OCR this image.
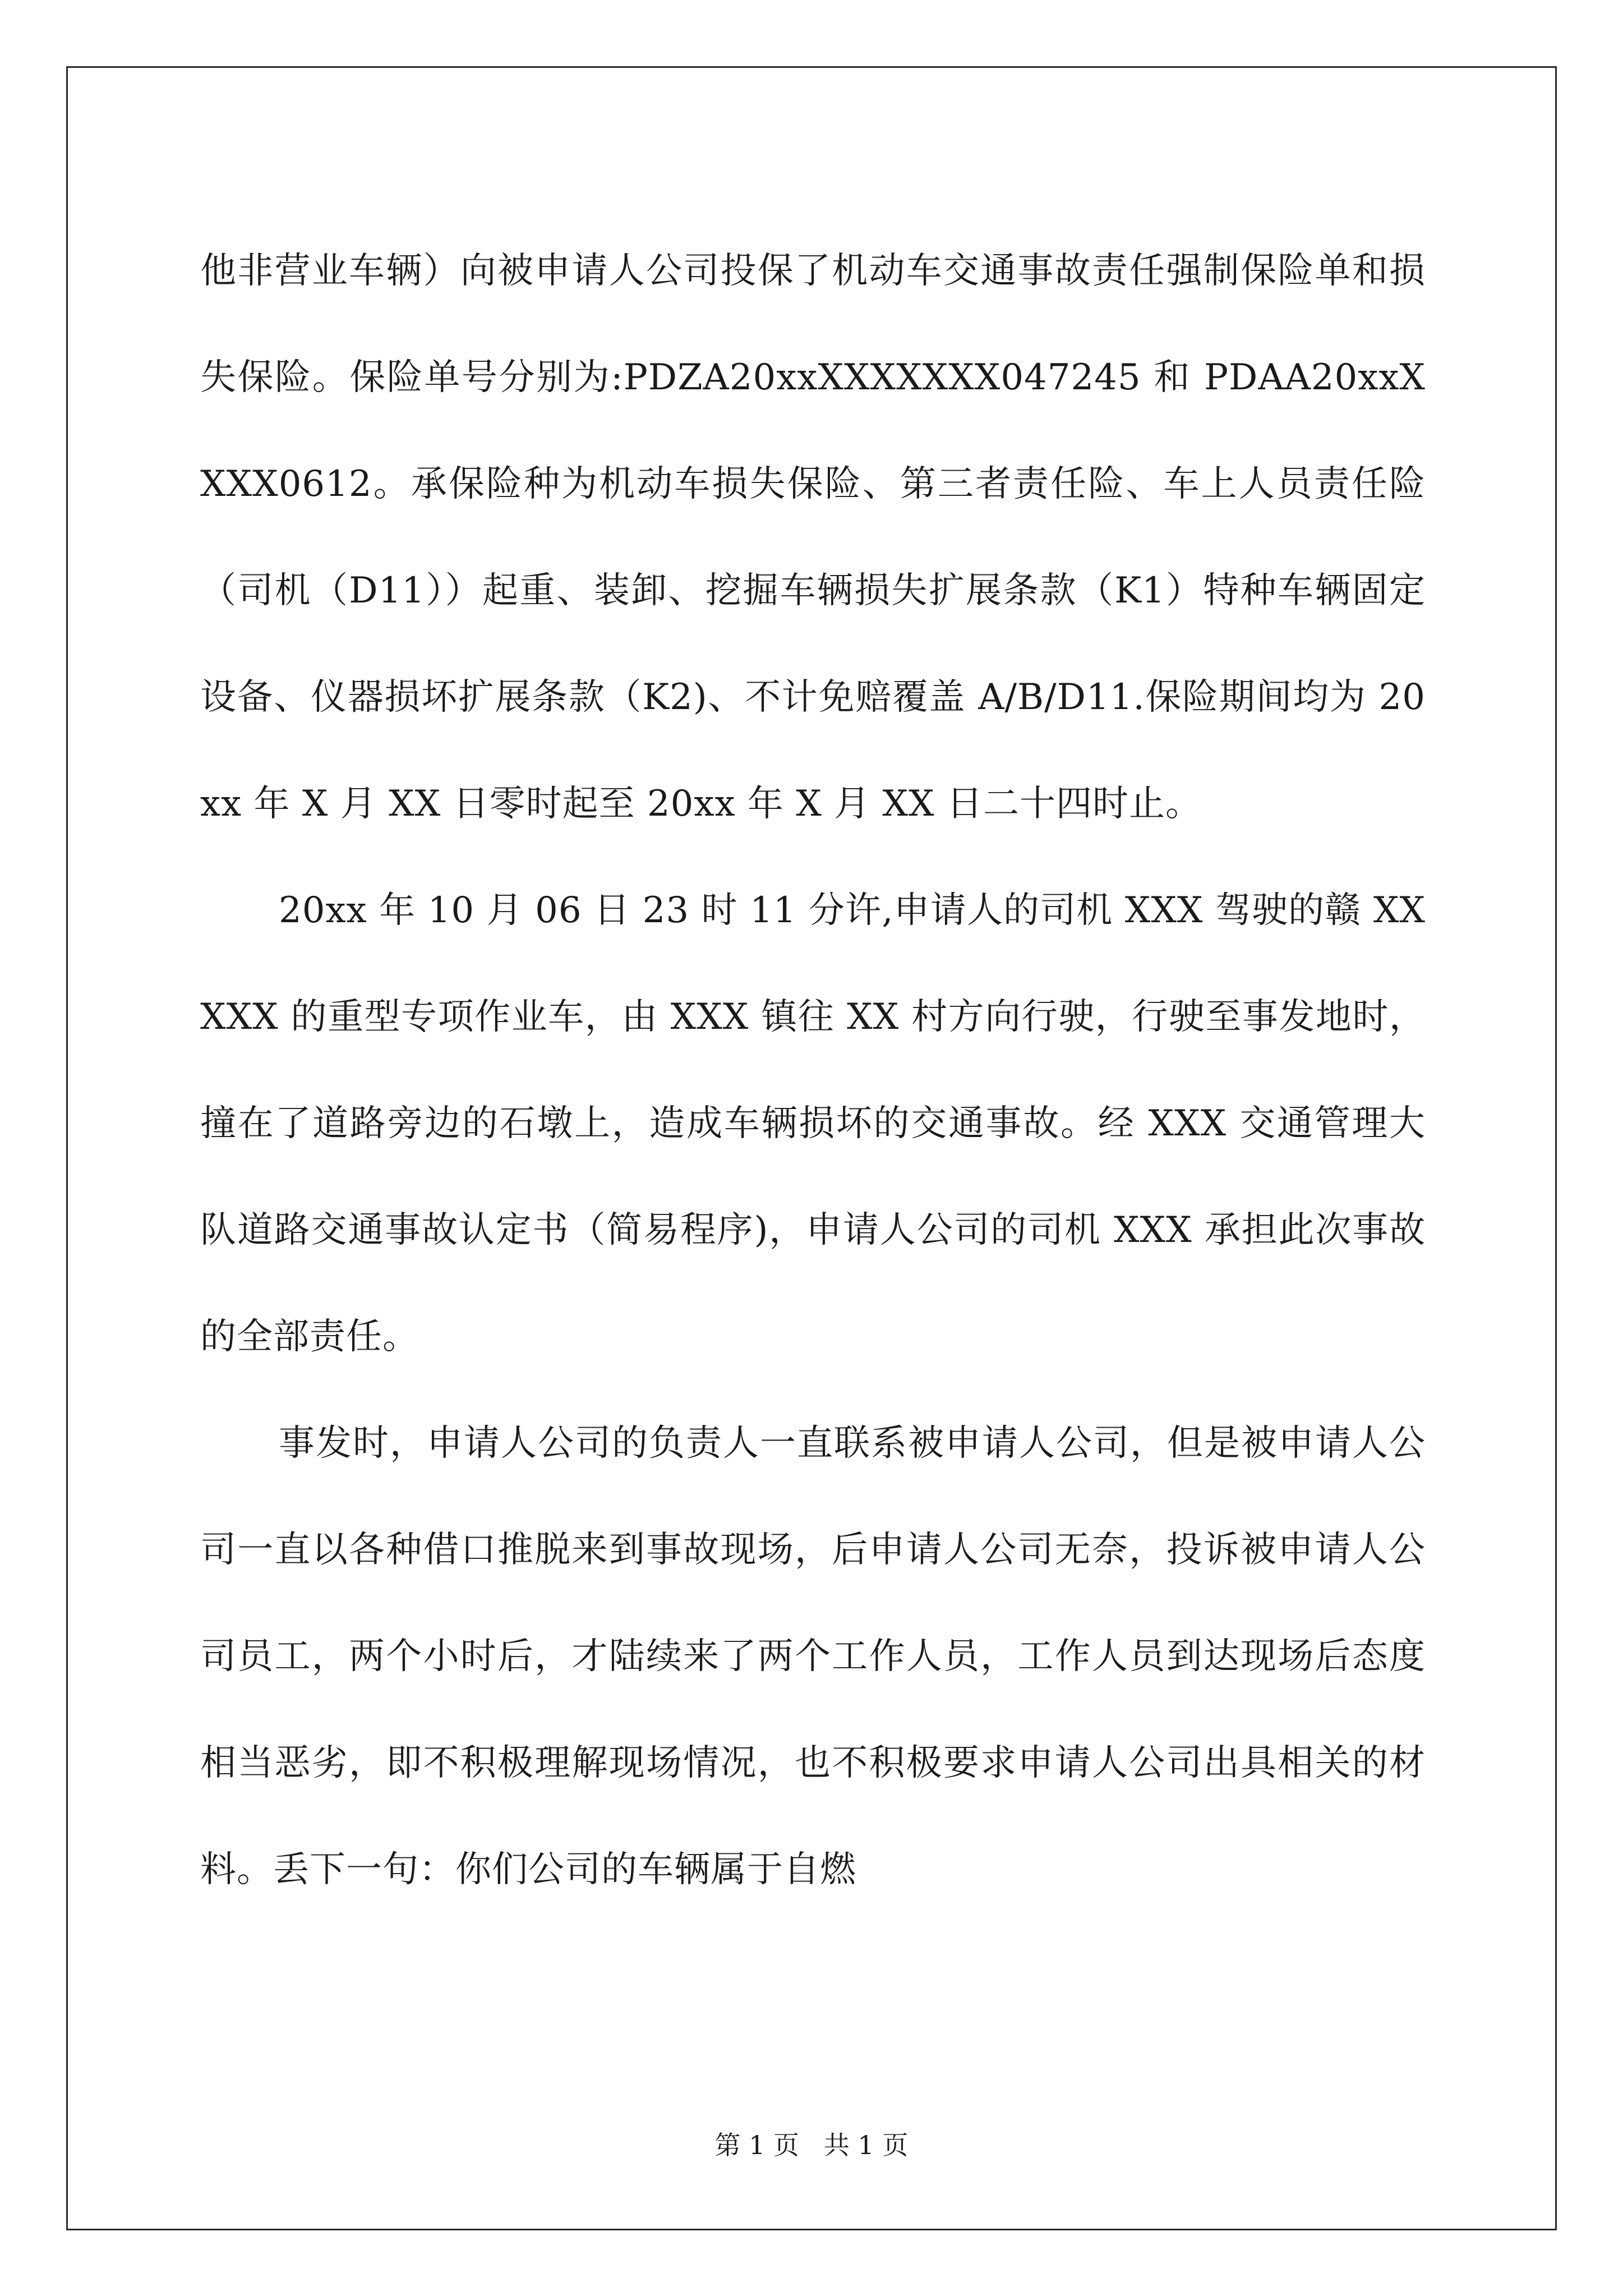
他非营业车辆）向被申请人公司投保了机动车交通事故责任强制保险单和损失保险。保险单号分别为:PDZA20xxXXXXXXX047245 和 PDAA20xxXXXX0612。承保险种为机动车损失保险、第三者责任险、车上人员责任险（司机（D11））起重、装卸、挖掘车辆损失扩展条款（K1）特种车辆固定设备、仪器损坏扩展条款（K2)、不计免赔覆盖 A/B/D11.保险期间均为 20xx 年 X 月 XX 日零时起至 20xx 年 X 月 XX 日二十四时止。

20xx 年 10 月 06 日 23 时 11 分许,申请人的司机 XXX 驾驶的赣 XXXXX 的重型专项作业车，由 XXX 镇往 XX 村方向行驶，行驶至事发地时，撞在了道路旁边的石墩上，造成车辆损坏的交通事故。经 XXX 交通管理大队道路交通事故认定书（简易程序)，申请人公司的司机 XXX 承担此次事故的全部责任。

事发时，申请人公司的负责人一直联系被申请人公司，但是被申请人公司一直以各种借口推脱来到事故现场，后申请人公司无奈，投诉被申请人公司员工，两个小时后，才陆续来了两个工作人员，工作人员到达现场后态度相当恶劣，即不积极理解现场情况，也不积极要求申请人公司出具相关的材料。丢下一句：你们公司的车辆属于自燃

第 1 页   共 1 页
